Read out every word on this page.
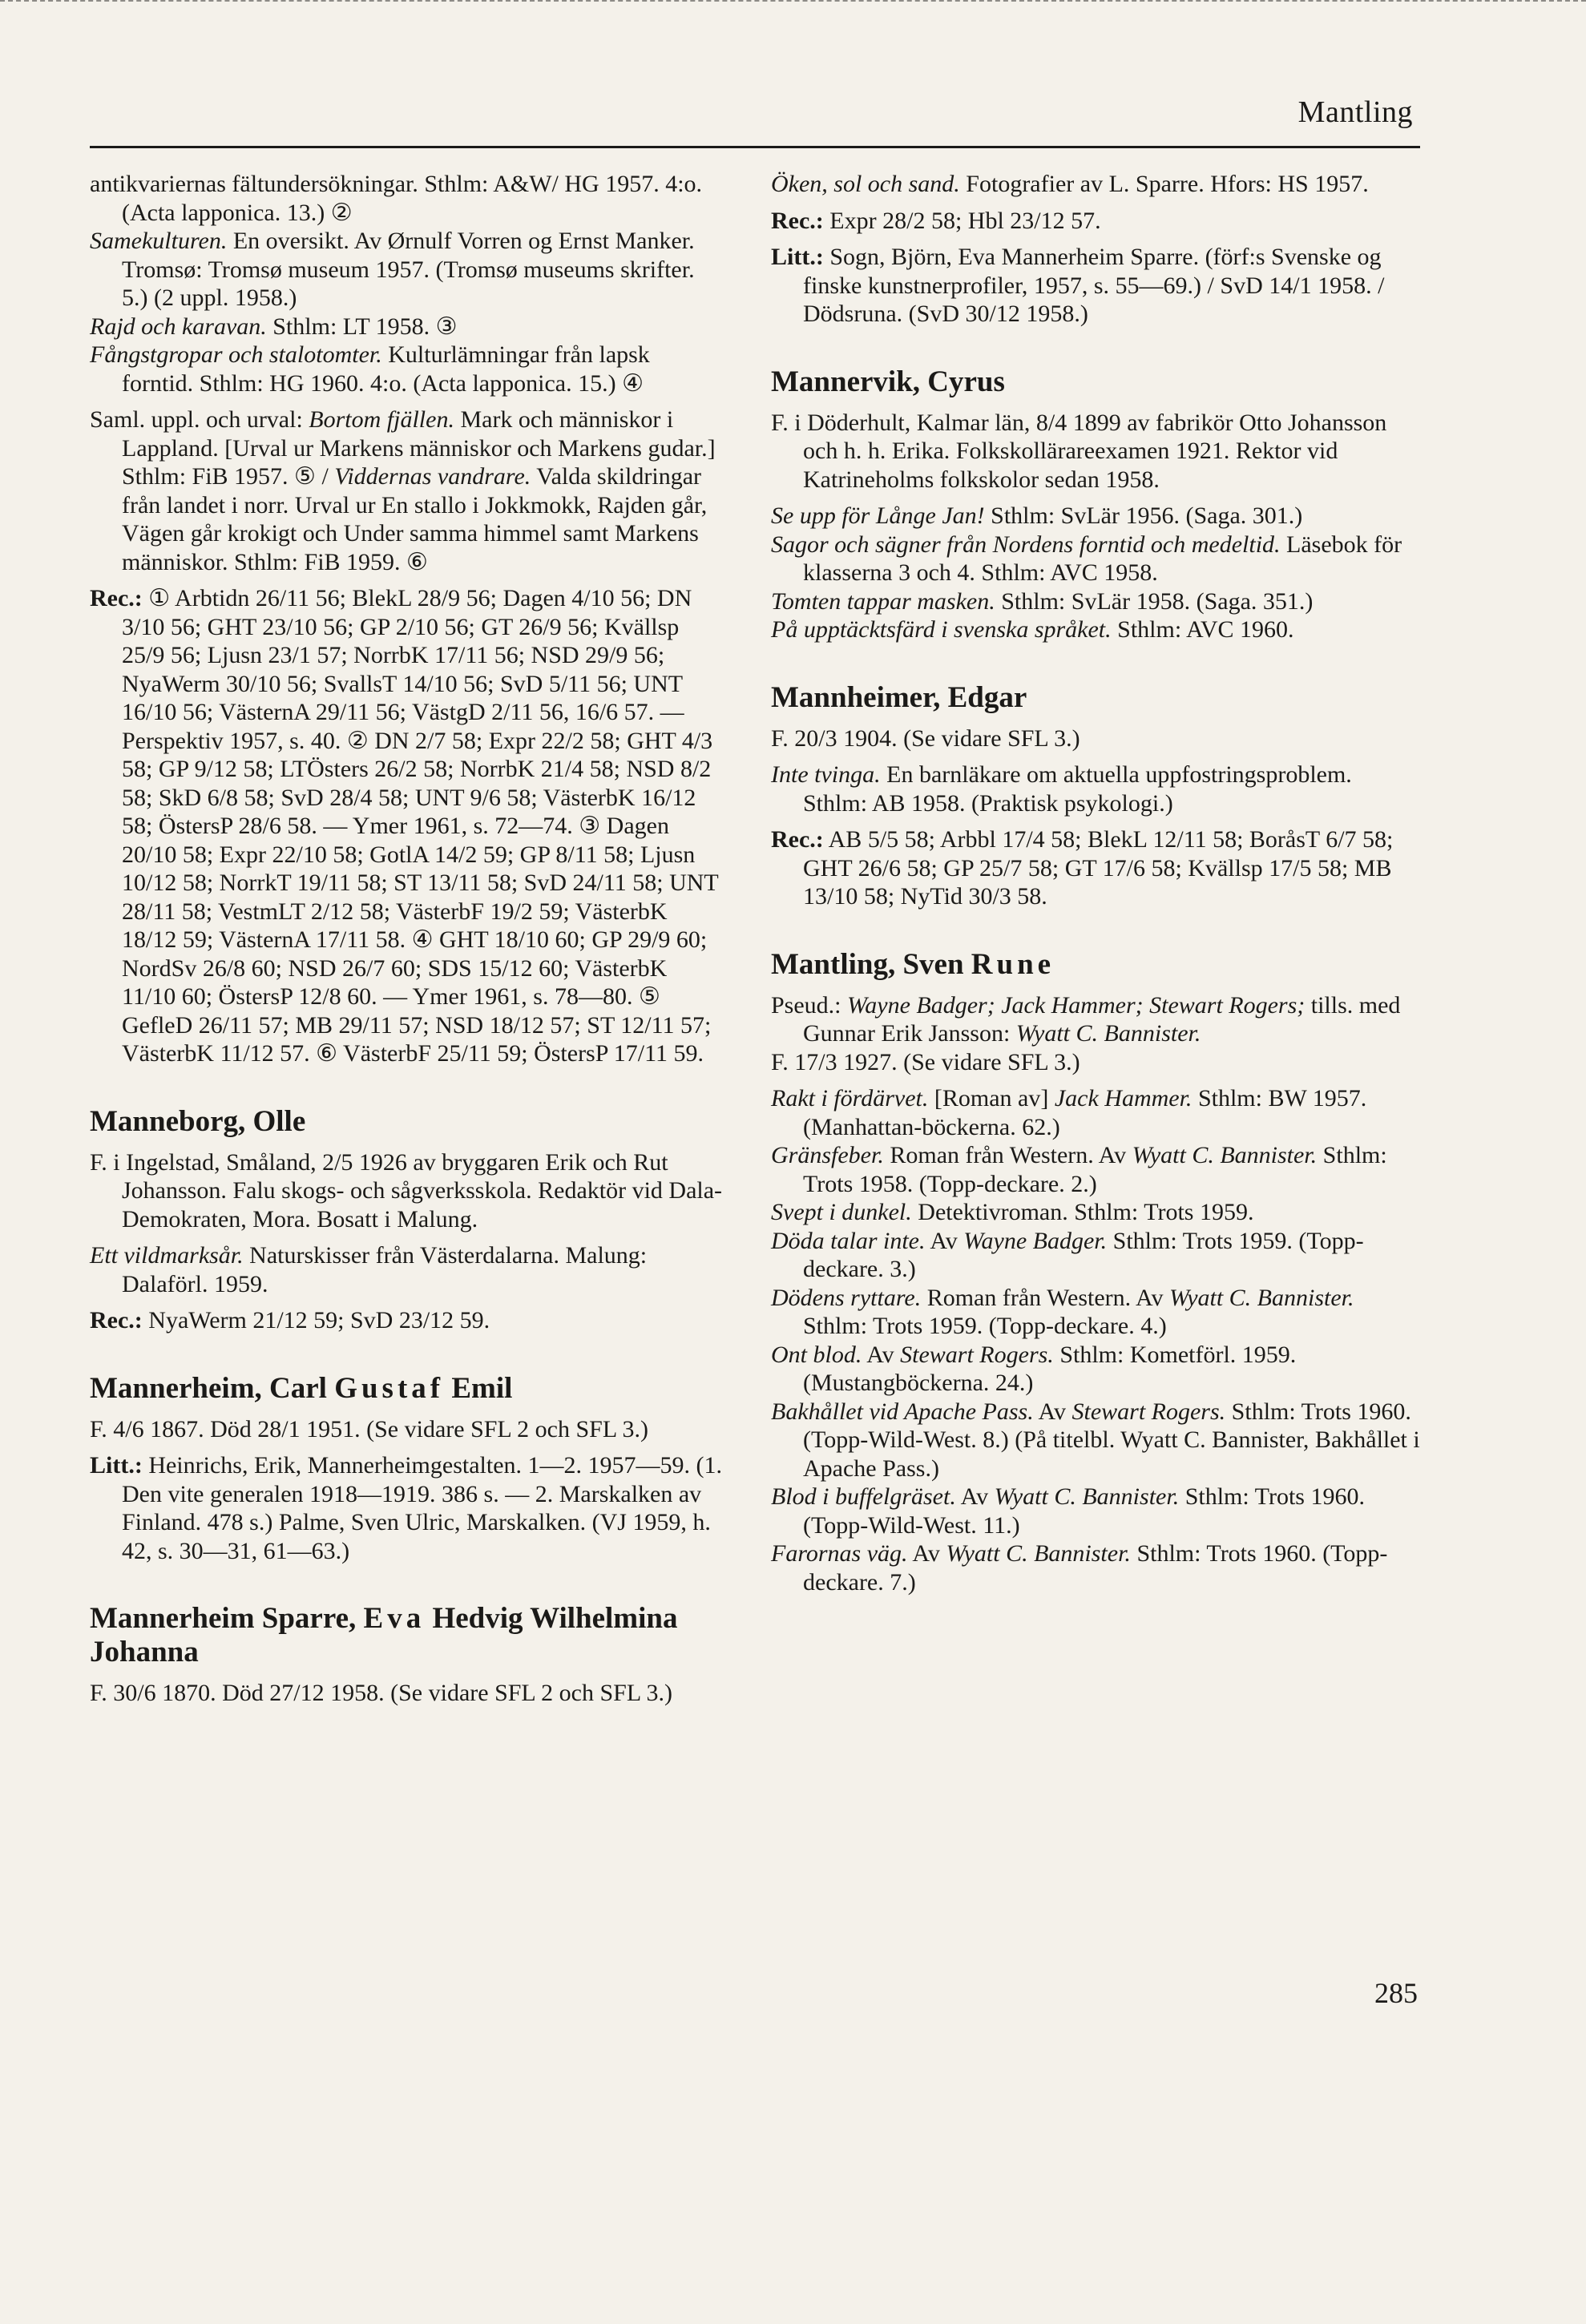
Mantling

antikvariernas fältundersökningar. Sthlm: A&W/ HG 1957. 4:o. (Acta lapponica. 13.) ②

Samekulturen. En oversikt. Av Ørnulf Vorren og Ernst Manker. Tromsø: Tromsø museum 1957. (Tromsø museums skrifter. 5.) (2 uppl. 1958.)

Rajd och karavan. Sthlm: LT 1958. ③

Fångstgropar och stalotomter. Kulturlämningar från lapsk forntid. Sthlm: HG 1960. 4:o. (Acta lapponica. 15.) ④

Saml. uppl. och urval: Bortom fjällen. Mark och människor i Lappland. [Urval ur Markens människor och Markens gudar.] Sthlm: FiB 1957. ⑤ / Viddernas vandrare. Valda skildringar från landet i norr. Urval ur En stallo i Jokkmokk, Rajden går, Vägen går krokigt och Under samma himmel samt Markens människor. Sthlm: FiB 1959. ⑥

Rec.: ① Arbtidn 26/11 56; BlekL 28/9 56; Dagen 4/10 56; DN 3/10 56; GHT 23/10 56; GP 2/10 56; GT 26/9 56; Kvällsp 25/9 56; Ljusn 23/1 57; NorrbK 17/11 56; NSD 29/9 56; NyaWerm 30/10 56; SvallsT 14/10 56; SvD 5/11 56; UNT 16/10 56; VästernA 29/11 56; VästgD 2/11 56, 16/6 57. — Perspektiv 1957, s. 40. ② DN 2/7 58; Expr 22/2 58; GHT 4/3 58; GP 9/12 58; LTÖsters 26/2 58; NorrbK 21/4 58; NSD 8/2 58; SkD 6/8 58; SvD 28/4 58; UNT 9/6 58; VästerbK 16/12 58; ÖstersP 28/6 58. — Ymer 1961, s. 72—74. ③ Dagen 20/10 58; Expr 22/10 58; GotlA 14/2 59; GP 8/11 58; Ljusn 10/12 58; NorrkT 19/11 58; ST 13/11 58; SvD 24/11 58; UNT 28/11 58; VestmLT 2/12 58; VästerbF 19/2 59; VästerbK 18/12 59; VästernA 17/11 58. ④ GHT 18/10 60; GP 29/9 60; NordSv 26/8 60; NSD 26/7 60; SDS 15/12 60; VästerbK 11/10 60; ÖstersP 12/8 60. — Ymer 1961, s. 78—80. ⑤ GefleD 26/11 57; MB 29/11 57; NSD 18/12 57; ST 12/11 57; VästerbK 11/12 57. ⑥ VästerbF 25/11 59; ÖstersP 17/11 59.

Manneborg, Olle

F. i Ingelstad, Småland, 2/5 1926 av bryggaren Erik och Rut Johansson. Falu skogs- och sågverksskola. Redaktör vid Dala-Demokraten, Mora. Bosatt i Malung.

Ett vildmarksår. Naturskisser från Västerdalarna. Malung: Dalaförl. 1959.

Rec.: NyaWerm 21/12 59; SvD 23/12 59.

Mannerheim, Carl Gustaf Emil

F. 4/6 1867. Död 28/1 1951. (Se vidare SFL 2 och SFL 3.)

Litt.: Heinrichs, Erik, Mannerheimgestalten. 1—2. 1957—59. (1. Den vite generalen 1918—1919. 386 s. — 2. Marskalken av Finland. 478 s.) Palme, Sven Ulric, Marskalken. (VJ 1959, h. 42, s. 30—31, 61—63.)

Mannerheim Sparre, Eva Hedvig Wilhelmina Johanna

F. 30/6 1870. Död 27/12 1958. (Se vidare SFL 2 och SFL 3.)

Öken, sol och sand. Fotografier av L. Sparre. Hfors: HS 1957.

Rec.: Expr 28/2 58; Hbl 23/12 57.

Litt.: Sogn, Björn, Eva Mannerheim Sparre. (förf:s Svenske og finske kunstnerprofiler, 1957, s. 55—69.) / SvD 14/1 1958. / Dödsruna. (SvD 30/12 1958.)

Mannervik, Cyrus

F. i Döderhult, Kalmar län, 8/4 1899 av fabrikör Otto Johansson och h. h. Erika. Folkskollärareexamen 1921. Rektor vid Katrineholms folkskolor sedan 1958.

Se upp för Långe Jan! Sthlm: SvLär 1956. (Saga. 301.)

Sagor och sägner från Nordens forntid och medeltid. Läsebok för klasserna 3 och 4. Sthlm: AVC 1958.

Tomten tappar masken. Sthlm: SvLär 1958. (Saga. 351.)

På upptäcktsfärd i svenska språket. Sthlm: AVC 1960.

Mannheimer, Edgar

F. 20/3 1904. (Se vidare SFL 3.)

Inte tvinga. En barnläkare om aktuella uppfostringsproblem. Sthlm: AB 1958. (Praktisk psykologi.)

Rec.: AB 5/5 58; Arbbl 17/4 58; BlekL 12/11 58; BoråsT 6/7 58; GHT 26/6 58; GP 25/7 58; GT 17/6 58; Kvällsp 17/5 58; MB 13/10 58; NyTid 30/3 58.

Mantling, Sven Rune

Pseud.: Wayne Badger; Jack Hammer; Stewart Rogers; tills. med Gunnar Erik Jansson: Wyatt C. Bannister.

F. 17/3 1927. (Se vidare SFL 3.)

Rakt i fördärvet. [Roman av] Jack Hammer. Sthlm: BW 1957. (Manhattan-böckerna. 62.)

Gränsfeber. Roman från Western. Av Wyatt C. Bannister. Sthlm: Trots 1958. (Topp-deckare. 2.)

Svept i dunkel. Detektivroman. Sthlm: Trots 1959.

Döda talar inte. Av Wayne Badger. Sthlm: Trots 1959. (Topp-deckare. 3.)

Dödens ryttare. Roman från Western. Av Wyatt C. Bannister. Sthlm: Trots 1959. (Topp-deckare. 4.)

Ont blod. Av Stewart Rogers. Sthlm: Kometförl. 1959. (Mustangböckerna. 24.)

Bakhållet vid Apache Pass. Av Stewart Rogers. Sthlm: Trots 1960. (Topp-Wild-West. 8.) (På titelbl. Wyatt C. Bannister, Bakhållet i Apache Pass.)

Blod i buffelgräset. Av Wyatt C. Bannister. Sthlm: Trots 1960. (Topp-Wild-West. 11.)

Farornas väg. Av Wyatt C. Bannister. Sthlm: Trots 1960. (Topp-deckare. 7.)

285
